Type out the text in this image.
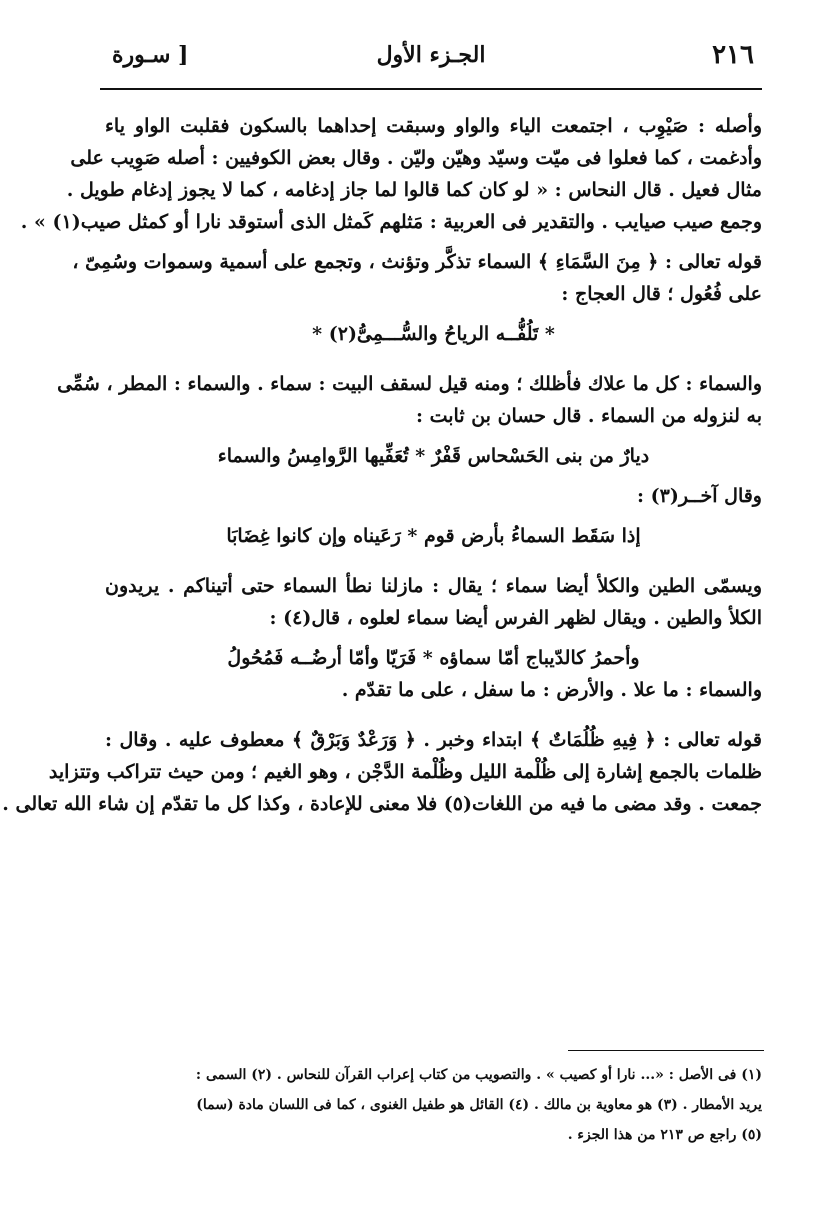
٢١٦
الجـزء الأول
[ سـورة
وأصله : صَيْوِب ، اجتمعت الياء والواو وسبقت إحداهما بالسكون فقلبت الواو ياء
وأدغمت ، كما فعلوا فى ميّت وسيّد وهيّن وليّن . وقال بعض الكوفيين : أصله صَوِيب على
مثال فعيل . قال النحاس : « لو كان كما قالوا لما جاز إدغامه ، كما لا يجوز إدغام طويل .
وجمع صيب صيايب . والتقدير فى العربية : مَثلهم كَمثل الذى أستوقد نارا أو كمثل صيب(١) » .
قوله تعالى : ﴿ مِنَ السَّمَاءِ ﴾ السماء تذكَّر وتؤنث ، وتجمع على أسمية وسموات وسُمِىّ ،
على فُعُول ؛ قال العجاج :
* تَلُفُّــه الرياحُ والسُّـــمِىُّ(٢) *
والسماء : كل ما علاك فأظلك ؛ ومنه قيل لسقف البيت : سماء . والسماء : المطر ، سُمِّى
به لنزوله من السماء . قال حسان بن ثابت :
ديارٌ من بنى الحَسْحاس قَفْرٌ * تُعَفِّيها الرَّوامِسُ والسماء
وقال آخــر(٣) :
إذا سَقَط السماءُ بأرض قوم * رَعَيناه وإن كانوا غِضَابَا
ويسمّى الطين والكلأ أيضا سماء ؛ يقال : مازلنا نطأ السماء حتى أتيناكم . يريدون
الكلأ والطين . ويقال لظهر الفرس أيضا سماء لعلوه ، قال(٤) :
وأحمرُ كالدّيباج أمّا سماؤه * فَرَيّا وأمّا أرضُــه فَمُحُولُ
والسماء : ما علا . والأرض : ما سفل ، على ما تقدّم .
قوله تعالى : ﴿ فِيهِ ظُلُمَاتٌ ﴾ ابتداء وخبر . ﴿ وَرَعْدٌ وَبَرْقٌ ﴾ معطوف عليه . وقال :
ظلمات بالجمع إشارة إلى ظُلْمة الليل وظُلْمة الدَّجْن ، وهو الغيم ؛ ومن حيث تتراكب وتتزايد
جمعت . وقد مضى ما فيه من اللغات(٥) فلا معنى للإعادة ، وكذا كل ما تقدّم إن شاء الله تعالى .
(١) فى الأصل : «... نارا أو كصيب » . والتصويب من كتاب إعراب القرآن للنحاس . (٢) السمى :
يريد الأمطار . (٣) هو معاوية بن مالك . (٤) القائل هو طفيل الغنوى ، كما فى اللسان مادة (سما)
(٥) راجع ص ٢١٣ من هذا الجزء .
